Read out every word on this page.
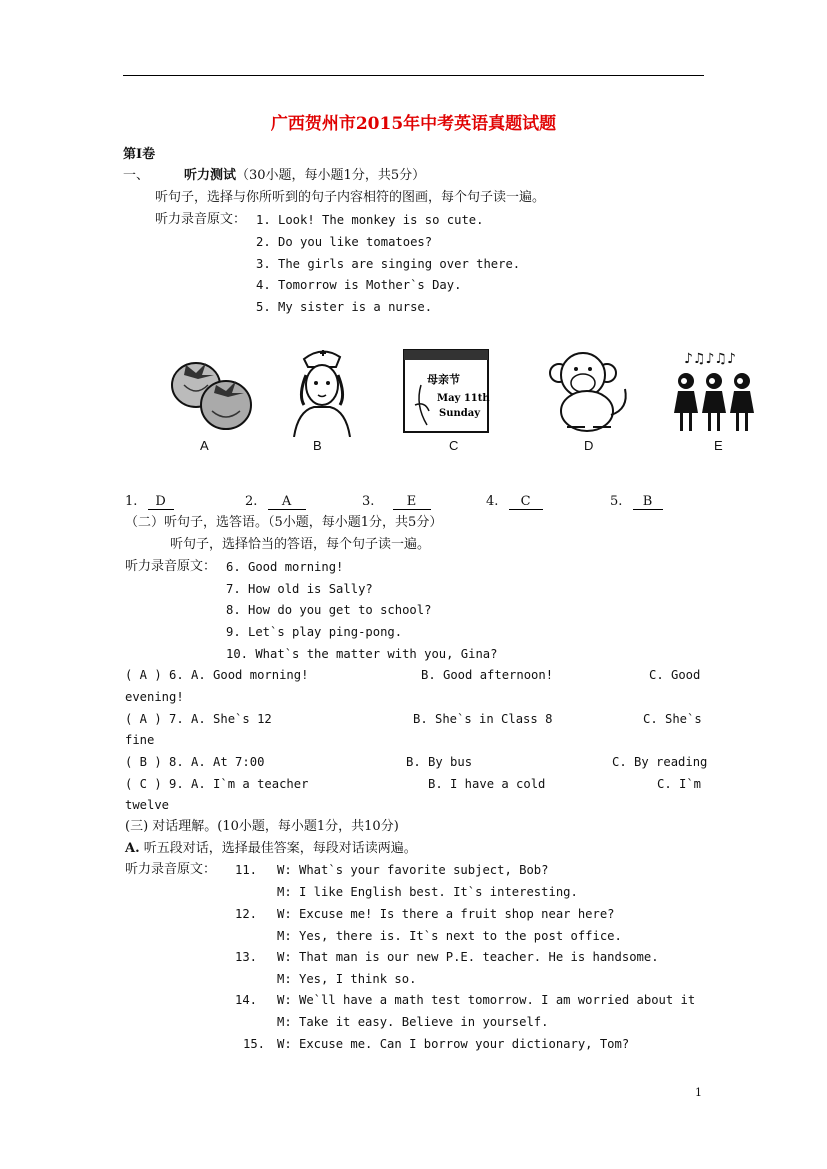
广西贺州市2015年中考英语真题试题
第Ⅰ卷
一、	听力测试（30小题，每小题1分，共5分）
听句子，选择与你所听到的句子内容相符的图画，每个句子读一遍。
听力录音原文： 1. Look! The monkey is so cute.
2. Do you like tomatoes?
3. The girls are singing over there.
4. Tomorrow is Mother`s Day.
5. My sister is a nurse.
母亲节
May 11th
Sunday
♪♫♪♫♪
A	B	C	D	E
1. D	2. A	3. E	4. C	5. B
（二）听句子，选答语。（5小题，每小题1分，共5分）
听句子，选择恰当的答语，每个句子读一遍。
听力录音原文： 6. Good morning!
7. How old is Sally?
8. How do you get to school?
9. Let`s play ping-pong.
10. What`s the matter with you, Gina?
( A ) 6. A. Good morning!	B. Good afternoon!	C. Good
evening!
( A ) 7. A. She`s 12	B. She`s in Class 8	C. She`s
fine
( B ) 8. A. At 7:00	B. By bus	C. By reading
( C ) 9. A. I`m a teacher	B. I have a cold	C. I`m
twelve
(三) 对话理解。(10小题，每小题1分，共10分)
A. 听五段对话，选择最佳答案，每段对话读两遍。
听力录音原文： 11. W: What`s your favorite subject, Bob?
M: I like English best. It`s interesting.
12. W: Excuse me! Is there a fruit shop near here?
M: Yes, there is. It`s next to the post office.
13. W: That man is our new P.E. teacher. He is handsome.
M: Yes, I think so.
14. W: We`ll have a math test tomorrow. I am worried about it
M: Take it easy. Believe in yourself.
15. W: Excuse me. Can I borrow your dictionary, Tom?
1
